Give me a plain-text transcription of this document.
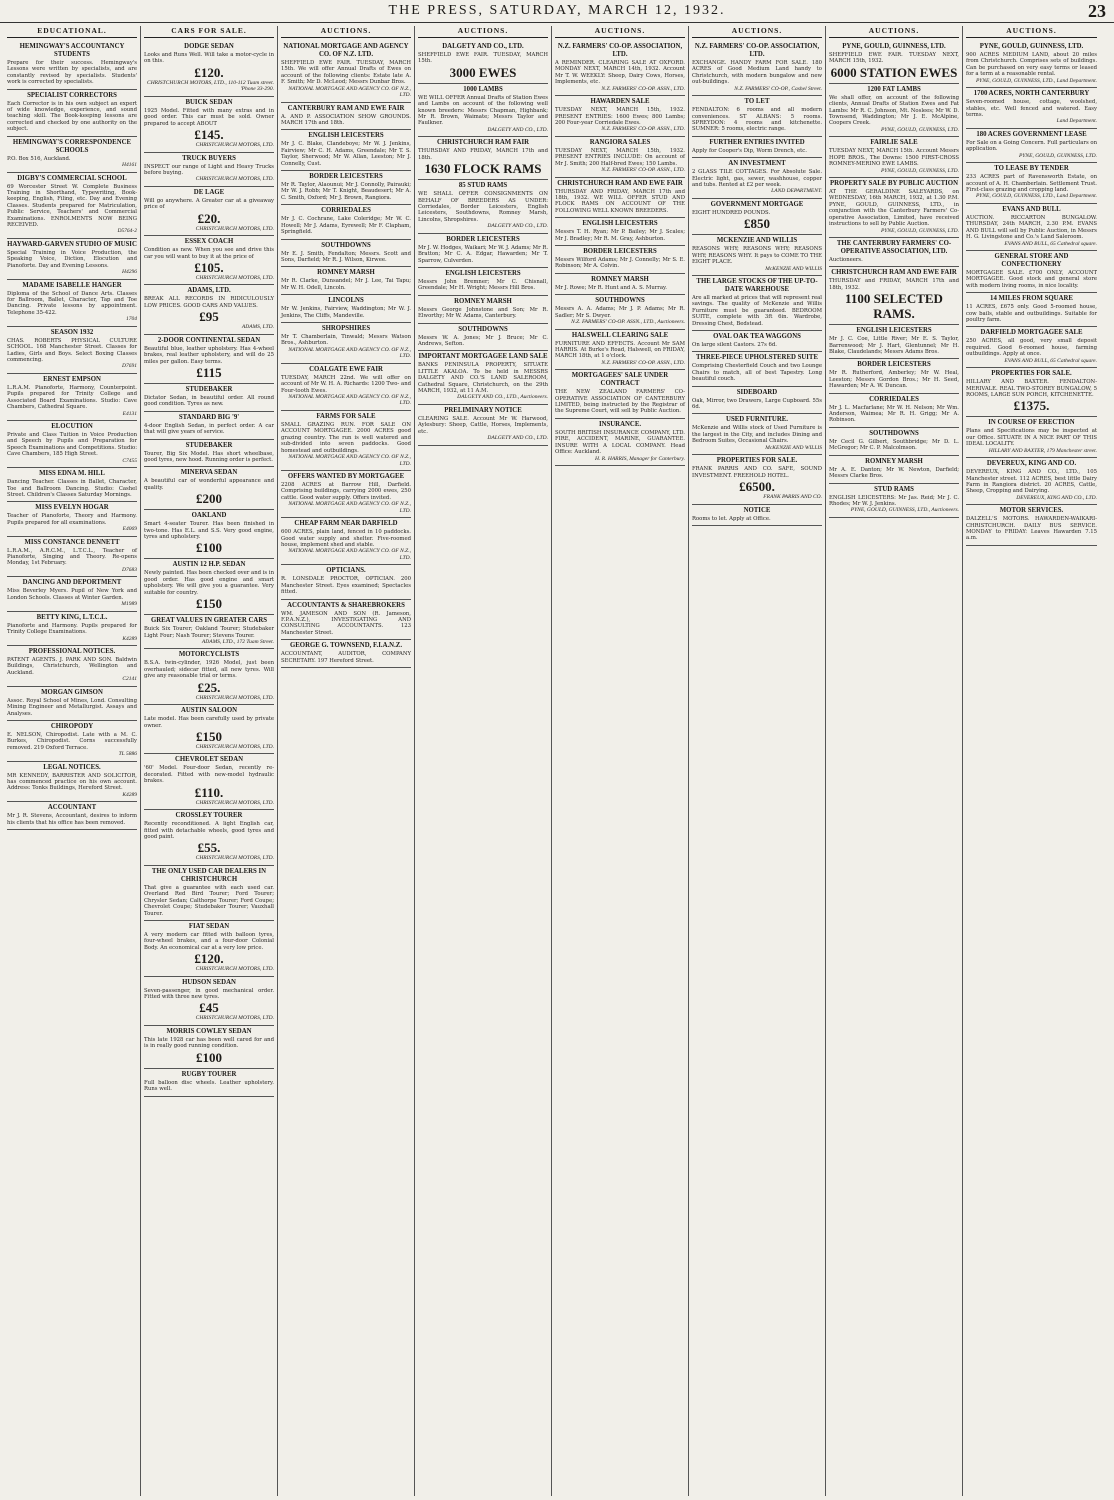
THE PRESS, SATURDAY, MARCH 12, 1932.	23
EDUCATIONAL.
HEMINGWAY'S ACCOUNTANCY STUDENTS
Prepare for their success. Hemingway's Lessons were written by specialists, and are constantly revised by specialists. Students' work is corrected by specialists.
SPECIALIST CORRECTORS
Each Corrector is in his own subject an expert of wide knowledge, experience, and sound teaching skill. The Book-keeping lessons are corrected and checked by one authority on the subject.
HEMINGWAY'S CORRESPONDENCE SCHOOLS
P.O. Box 516, Auckland.
H4161
DIGBY'S COMMERCIAL SCHOOL
69 Worcester Street W. Complete Business Training in Shorthand, Typewriting, Book-keeping, English, Filing, etc. Day and Evening Classes. Students prepared for Matriculation, Public Service, Teachers' and Commercial Examinations. ENROLMENTS NOW BEING RECEIVED.
D5764-2
HAYWARD-GARVEN STUDIO OF MUSIC
Special Training in Voice Production, the Speaking Voice, Diction, Elocution and Pianoforte. Day and Evening Lessons.
H4296
MADAME ISABELLE HANGER
Diploma of the School of Dance Arts. Classes for Ballroom, Ballet, Character, Tap and Toe Dancing. Private lessons by appointment. Telephone 35-422.
1704
SEASON 1932
CHAS. ROBERTS PHYSICAL CULTURE SCHOOL. 168 Manchester Street. Classes for Ladies, Girls and Boys. Select Boxing Classes commencing.
D7691
ERNEST EMPSON
L.R.A.M. Pianoforte, Harmony, Counterpoint. Pupils prepared for Trinity College and Associated Board Examinations. Studio: Cave Chambers, Cathedral Square.
E4131
ELOCUTION
Private and Class Tuition in Voice Production and Speech by Pupils and Preparation for Speech Examinations and Competitions. Studio: Cave Chambers, 185 High Street.
C7455
MISS EDNA M. HILL
Dancing Teacher. Classes in Ballet, Character, Toe and Ballroom Dancing. Studio: Cashel Street. Children's Classes Saturday Mornings.
MISS EVELYN HOGAR
Teacher of Pianoforte, Theory and Harmony. Pupils prepared for all examinations.
E4069
MISS CONSTANCE DENNETT
L.R.A.M., A.R.C.M., L.T.C.L., Teacher of Pianoforte, Singing and Theory. Re-opens Monday, 1st February.
D7683
DANCING AND DEPORTMENT
Miss Beverley Myers. Pupil of New York and London Schools. Classes at Winter Garden.
M1989
BETTY KING, L.T.C.L.
Pianoforte and Harmony. Pupils prepared for Trinity College Examinations.
K4289
PROFESSIONAL NOTICES.
PATENT AGENTS. J. PARK AND SON. Baldwin Buildings, Christchurch, Wellington and Auckland.
C2141
MORGAN GIMSON
Assoc. Royal School of Mines, Lond. Consulting Mining Engineer and Metallurgist. Assays and Analyses.
CHIROPODY
E. NELSON, Chiropodist. Late with a M. C. Burkes, Chiropodist. Corns successfully removed. 219 Oxford Terrace.
TL 5886
LEGAL NOTICES.
MR KENNEDY, BARRISTER AND SOLICITOR, has commenced practice on his own account. Address: Tonks Buildings, Hereford Street.
K4289
ACCOUNTANT
Mr J. R. Stevens, Accountant, desires to inform his clients that his office has been removed.
CARS FOR SALE.
DODGE SEDAN
Looks and Runs Well. Will take a motor-cycle in on this.
£120.
CHRISTCHURCH MOTORS, LTD., 110-112 Tuam street. 'Phone 33-290.
BUICK SEDAN
1925 Model. Fitted with many extras and in good order. This car must be sold. Owner prepared to accept ABOUT
£145.
CHRISTCHURCH MOTORS, LTD.
TRUCK BUYERS
INSPECT our range of Light and Heavy Trucks before buying.
CHRISTCHURCH MOTORS, LTD.
DE LAGE
Will go anywhere. A Greater car at a giveaway price of
£20.
CHRISTCHURCH MOTORS, LTD.
ESSEX COACH
Condition as new. When you see and drive this car you will want to buy it at the price of
£105.
CHRISTCHURCH MOTORS, LTD.
ADAMS, LTD.
BREAK ALL RECORDS IN RIDICULOUSLY LOW PRICES. GOOD CARS AND VALUES.
£95
ADAMS, LTD.
2-DOOR CONTINENTAL SEDAN
Beautiful blue, leather upholstery. Has 4-wheel brakes, real leather upholstery, and will do 25 miles per gallon. Easy terms.
£115
STUDEBAKER
Dictator Sedan, in beautiful order. All round good condition. Tyres as new.
STANDARD BIG '9'
4-door English Sedan, in perfect order. A car that will give years of service.
STUDEBAKER
Tourer, Big Six Model. Has short wheelbase, good tyres, new hood. Running order is perfect.
MINERVA SEDAN
A beautiful car of wonderful appearance and quality.
£200
OAKLAND
Smart 4-seater Tourer. Has been finished in two-tone. Has E.L. and S.S. Very good engine, tyres and upholstery.
£100
AUSTIN 12 H.P. SEDAN
Newly painted. Has been checked over and is in good order. Has good engine and smart upholstery. We will give you a guarantee. Very suitable for country.
£150
GREAT VALUES IN GREATER CARS
Buick Six Tourer; Oakland Tourer; Studebaker Light Four; Nash Tourer; Stevens Tourer.
ADAMS, LTD., 172 Tuam Street.
MOTORCYCLISTS
B.S.A. twin-cylinder, 1926 Model, just been overhauled; sidecar fitted, all new tyres. Will give any reasonable trial or terms.
£25.
CHRISTCHURCH MOTORS, LTD.
AUSTIN SALOON
Late model. Has been carefully used by private owner.
£150
CHRISTCHURCH MOTORS, LTD.
CHEVROLET SEDAN
'60' Model. Four-door Sedan, recently re-decorated. Fitted with new-model hydraulic brakes.
£110.
CHRISTCHURCH MOTORS, LTD.
CROSSLEY TOURER
Recently reconditioned. A light English car, fitted with detachable wheels, good tyres and good paint.
£55.
CHRISTCHURCH MOTORS, LTD.
THE ONLY USED CAR DEALERS IN CHRISTCHURCH
That give a guarantee with each used car. Overland Red Bird Tourer; Ford Tourer; Chrysler Sedan; Calthorpe Tourer; Ford Coupe; Chevrolet Coupe; Studebaker Tourer; Vauxhall Tourer.
FIAT SEDAN
A very modern car fitted with balloon tyres, four-wheel brakes, and a four-door Colonial Body. An economical car at a very low price.
£120.
CHRISTCHURCH MOTORS, LTD.
HUDSON SEDAN
Seven-passenger, in good mechanical order. Fitted with three new tyres.
£45
CHRISTCHURCH MOTORS, LTD.
MORRIS COWLEY SEDAN
This late 1928 car has been well cared for and is in really good running condition.
£100
RUGBY TOURER
Full balloon disc wheels. Leather upholstery. Runs well.
AUCTIONS.
NATIONAL MORTGAGE AND AGENCY CO. OF N.Z. LTD.
SHEFFIELD EWE FAIR. TUESDAY, MARCH 15th. We will offer Annual Drafts of Ewes on account of the following clients: Estate late A. F. Smith; Mr D. McLeod; Messrs Dunbar Bros.
NATIONAL MORTGAGE AND AGENCY CO. OF N.Z., LTD.
CANTERBURY RAM AND EWE FAIR
A. AND P. ASSOCIATION SHOW GROUNDS. MARCH 17th and 18th.
ENGLISH LEICESTERS
Mr J. C. Blake, Clandeboye; Mr W. J. Jenkins, Fairview; Mr C. H. Adams, Greendale; Mr T. S. Taylor, Sherwood; Mr W. Allan, Leeston; Mr J. Connelly, Cust.
BORDER LEICESTERS
Mr R. Taylor, Alaounui; Mr J. Connolly, Pairauki; Mr W. J. Robb; Mr T. Knight, Beaudesert; Mr A. C. Smith, Oxford; Mr J. Brown, Rangiora.
CORRIEDALES
Mr J. C. Cochrane, Lake Coleridge; Mr W. C. Howell; Mr J. Adams, Eyrewell; Mr F. Clapham, Springfield.
SOUTHDOWNS
Mr E. J. Smith, Fendalton; Messrs. Scott and Sons, Darfield; Mr R. J. Wilson, Kirwee.
ROMNEY MARSH
Mr R. Clarke, Dunsandel; Mr J. Lee, Tai Tapu; Mr W. H. Odell, Lincoln.
LINCOLNS
Mr W. Jenkins, Fairview, Waddington; Mr W. J. Jenkins, The Cliffs, Mandeville.
SHROPSHIRES
Mr T. Chamberlain, Tinwald; Messrs Watson Bros., Ashburton.
NATIONAL MORTGAGE AND AGENCY CO. OF N.Z., LTD.
COALGATE EWE FAIR
TUESDAY, MARCH 22nd. We will offer on account of Mr W. H. A. Richards: 1200 Two- and Four-tooth Ewes.
NATIONAL MORTGAGE AND AGENCY CO. OF N.Z., LTD.
FARMS FOR SALE
SMALL GRAZING RUN. FOR SALE ON ACCOUNT MORTGAGEE. 2000 ACRES good grazing country. The run is well watered and sub-divided into seven paddocks. Good homestead and outbuildings.
NATIONAL MORTGAGE AND AGENCY CO. OF N.Z., LTD.
OFFERS WANTED BY MORTGAGEE
2208 ACRES at Barrow Hill, Darfield. Comprising buildings, carrying 2000 ewes, 250 cattle. Good water supply. Offers invited.
NATIONAL MORTGAGE AND AGENCY CO. OF N.Z., LTD.
CHEAP FARM NEAR DARFIELD
600 ACRES, plain land, fenced in 10 paddocks. Good water supply and shelter. Five-roomed house, implement shed and stable.
NATIONAL MORTGAGE AND AGENCY CO. OF N.Z., LTD.
OPTICIANS.
R. LONSDALE PROCTOR, OPTICIAN. 200 Manchester Street. Eyes examined; Spectacles fitted.
ACCOUNTANTS & SHAREBROKERS
WM. JAMESON AND SON (R. Jameson, F.P.A.N.Z.), INVESTIGATING AND CONSULTING ACCOUNTANTS. 123 Manchester Street.
GEORGE G. TOWNSEND, F.I.A.N.Z.
ACCOUNTANT, AUDITOR, COMPANY SECRETARY. 197 Hereford Street.
AUCTIONS.
DALGETY AND CO., LTD.
SHEFFIELD EWE FAIR. TUESDAY, MARCH 15th.
3000 EWES
1000 LAMBS
WE WILL OFFER Annual Drafts of Station Ewes and Lambs on account of the following well known breeders: Messrs Chapman, Highbank; Mr R. Brown, Waimate; Messrs Taylor and Faulkner.
DALGETY AND CO., LTD.
CHRISTCHURCH RAM FAIR
THURSDAY AND FRIDAY, MARCH 17th and 18th.
1630 FLOCK RAMS
85 STUD RAMS
WE SHALL OFFER CONSIGNMENTS ON BEHALF OF BREEDERS AS UNDER: Corriedales, Border Leicesters, English Leicesters, Southdowns, Romney Marsh, Lincolns, Shropshires.
DALGETY AND CO., LTD.
BORDER LEICESTERS
Mr J. W. Hodges, Waikari; Mr W. J. Adams; Mr R. Bratton; Mr C. A. Edgar, Hawarden; Mr T. Sparrow, Culverden.
ENGLISH LEICESTERS
Messrs John Bremner; Mr C. Chisnall, Greendale; Mr H. Wright; Messrs Hill Bros.
ROMNEY MARSH
Messrs George Johnstone and Son; Mr R. Elworthy; Mr W. Adams, Canterbury.
SOUTHDOWNS
Messrs W. A. Jones; Mr J. Bruce; Mr C. Andrews, Sefton.
IMPORTANT MORTGAGEE LAND SALE
BANKS PENINSULA PROPERTY, SITUATE LITTLE AKALOA. To be held in MESSRS DALGETY AND CO.'S LAND SALEROOM, Cathedral Square, Christchurch, on the 29th MARCH, 1932, at 11 A.M.
DALGETY AND CO., LTD., Auctioneers.
PRELIMINARY NOTICE
CLEARING SALE. Account Mr W. Harwood, Aylesbury: Sheep, Cattle, Horses, Implements, etc.
DALGETY AND CO., LTD.
AUCTIONS.
N.Z. FARMERS' CO-OP. ASSOCIATION, LTD.
A REMINDER. CLEARING SALE AT OXFORD. MONDAY NEXT, MARCH 14th, 1932. Account Mr T. W. WEEKLY: Sheep, Dairy Cows, Horses, Implements, etc.
N.Z. FARMERS' CO-OP. ASSN., LTD.
HAWARDEN SALE
TUESDAY NEXT, MARCH 15th, 1932. PRESENT ENTRIES: 1600 Ewes; 800 Lambs; 200 Four-year Corriedale Ewes.
N.Z. FARMERS' CO-OP. ASSN., LTD.
RANGIORA SALES
TUESDAY NEXT, MARCH 15th, 1932. PRESENT ENTRIES INCLUDE: On account of Mr J. Smith; 200 Half-bred Ewes; 150 Lambs.
N.Z. FARMERS' CO-OP. ASSN., LTD.
CHRISTCHURCH RAM AND EWE FAIR
THURSDAY AND FRIDAY, MARCH 17th and 18th, 1932. WE WILL OFFER STUD AND FLOCK RAMS ON ACCOUNT OF THE FOLLOWING WELL KNOWN BREEDERS.
ENGLISH LEICESTERS
Messrs T. H. Ryan; Mr P. Bailey; Mr J. Scales; Mr J. Bradley; Mr R. M. Gray, Ashburton.
BORDER LEICESTERS
Messrs Wilford Adams; Mr J. Connelly; Mr S. E. Robinson; Mr A. Colvin.
ROMNEY MARSH
Mr J. Rowe; Mr R. Hunt and A. S. Murray.
SOUTHDOWNS
Messrs A. A. Adams; Mr J. P. Adams; Mr R. Sadler; Mr S. Dwyer.
N.Z. FARMERS' CO-OP. ASSN., LTD., Auctioneers.
HALSWELL CLEARING SALE
FURNITURE AND EFFECTS. Account Mr SAM HARRIS. At Burke's Road, Halswell, on FRIDAY, MARCH 18th, at 1 o'clock.
N.Z. FARMERS' CO-OP. ASSN., LTD.
MORTGAGEES' SALE UNDER CONTRACT
THE NEW ZEALAND FARMERS' CO-OPERATIVE ASSOCIATION OF CANTERBURY LIMITED, being instructed by the Registrar of the Supreme Court, will sell by Public Auction.
INSURANCE.
SOUTH BRITISH INSURANCE COMPANY, LTD. FIRE, ACCIDENT, MARINE, GUARANTEE. INSURE WITH A LOCAL COMPANY. Head Office: Auckland.
H. R. HARRIS, Manager for Canterbury.
AUCTIONS.
N.Z. FARMERS' CO-OP. ASSOCIATION, LTD.
EXCHANGE. HANDY FARM FOR SALE. 180 ACRES of Good Medium Land handy to Christchurch, with modern bungalow and new out-buildings.
N.Z. FARMERS' CO-OP., Cashel Street.
TO LET
FENDALTON: 6 rooms and all modern conveniences. ST ALBANS: 5 rooms. SPREYDON: 4 rooms and kitchenette. SUMNER: 5 rooms, electric range.
FURTHER ENTRIES INVITED
Apply for Cooper's Dip, Worm Drench, etc.
AN INVESTMENT
2 GLASS TILE COTTAGES. For Absolute Sale. Electric light, gas, sewer, washhouse, copper and tubs. Rented at £2 per week.
LAND DEPARTMENT.
GOVERNMENT MORTGAGE
EIGHT HUNDRED POUNDS.
£850
MCKENZIE AND WILLIS
REASONS WHY; REASONS WHY; REASONS WHY; REASONS WHY. It pays to COME TO THE EIGHT PLACE.
McKENZIE AND WILLIS
THE LARGE STOCKS OF THE UP-TO-DATE WAREHOUSE
Are all marked at prices that will represent real savings. The quality of McKenzie and Willis Furniture must be guaranteed. BEDROOM SUITE, complete with 3ft 6in. Wardrobe, Dressing Chest, Bedstead.
OVAL OAK TEA WAGGONS
On large silent Castors. 27s 6d.
THREE-PIECE UPHOLSTERED SUITE
Comprising Chesterfield Couch and two Lounge Chairs to match, all of best Tapestry. Long beautiful couch.
SIDEBOARD
Oak, Mirror, two Drawers, Large Cupboard. 55s 6d.
USED FURNITURE.
McKenzie and Willis stock of Used Furniture is the largest in the City, and includes Dining and Bedroom Suites, Occasional Chairs.
McKENZIE AND WILLIS
PROPERTIES FOR SALE.
FRANK PARRIS AND CO. SAFE, SOUND INVESTMENT. FREEHOLD HOTEL.
£6500.
FRANK PARRIS AND CO.
NOTICE
Rooms to let. Apply at Office.
AUCTIONS.
PYNE, GOULD, GUINNESS, LTD.
SHEFFIELD EWE FAIR. TUESDAY NEXT, MARCH 15th, 1932.
6000 STATION EWES
1200 FAT LAMBS
We shall offer, on account of the following clients, Annual Drafts of Station Ewes and Fat Lambs: Mr R. C. Johnson, Mt. Noslees; Mr W. D. Townsend, Waddington; Mr J. E. McAlpine, Coopers Creek.
PYNE, GOULD, GUINNESS, LTD.
FAIRLIE SALE
TUESDAY NEXT, MARCH 15th. Account Messrs HOPE BROS., The Downs: 1500 FIRST-CROSS ROMNEY-MERINO EWE LAMBS.
PYNE, GOULD, GUINNESS, LTD.
PROPERTY SALE BY PUBLIC AUCTION
AT THE GERALDINE SALEYARDS, on WEDNESDAY, 16th MARCH, 1932, at 1.30 P.M. PYNE, GOULD, GUINNESS, LTD., in conjunction with the Canterbury Farmers' Co-operative Association, Limited, have received instructions to sell by Public Auction.
PYNE, GOULD, GUINNESS, LTD.
THE CANTERBURY FARMERS' CO-OPERATIVE ASSOCIATION, LTD.
Auctioneers.
CHRISTCHURCH RAM AND EWE FAIR
THURSDAY and FRIDAY, MARCH 17th and 18th, 1932.
1100 SELECTED RAMS.
ENGLISH LEICESTERS
Mr J. C. Coe, Little River; Mr E. S. Taylor, Barrenwood; Mr J. Hart, Glentunnel; Mr H. Blake, Claudelands; Messrs Adams Bros.
BORDER LEICESTERS
Mr R. Rutherford, Amberley; Mr W. Heal, Leeston; Messrs Gordon Bros.; Mr H. Seed, Hawarden; Mr A. W. Duncan.
CORRIEDALES
Mr J. L. Macfarlane; Mr W. H. Nelson; Mr Wm. Anderson, Waimea; Mr R. H. Grigg; Mr A. Robinson.
SOUTHDOWNS
Mr Cecil G. Gilbert, Southbridge; Mr D. L. McGregor; Mr C. P. Malcolmson.
ROMNEY MARSH
Mr A. E. Danton; Mr W. Newton, Darfield; Messrs Clarke Bros.
STUD RAMS
ENGLISH LEICESTERS: Mr Jas. Reid; Mr J. C. Rhodes; Mr W. J. Jenkins.
PYNE, GOULD, GUINNESS, LTD., Auctioneers.
AUCTIONS.
PYNE, GOULD, GUINNESS, LTD.
900 ACRES MEDIUM LAND, about 20 miles from Christchurch. Comprises sets of buildings. Can be purchased on very easy terms or leased for a term at a reasonable rental.
PYNE, GOULD, GUINNESS, LTD., Land Department.
1700 ACRES, NORTH CANTERBURY
Seven-roomed house, cottage, woolshed, stables, etc. Well fenced and watered. Easy terms.
Land Department.
180 ACRES GOVERNMENT LEASE
For Sale on a Going Concern. Full particulars on application.
PYNE, GOULD, GUINNESS, LTD.
TO LEASE BY TENDER
233 ACRES part of Ravensworth Estate, on account of A. H. Chamberlain. Settlement Trust. First-class grazing and cropping land.
PYNE, GOULD, GUINNESS, LTD., Land Department.
EVANS AND BULL
AUCTION. RICCARTON BUNGALOW. THURSDAY, 24th MARCH, 2.30 P.M. EVANS AND BULL will sell by Public Auction, in Messrs H. G. Livingstone and Co.'s Land Saleroom.
EVANS AND BULL, 65 Cathedral square.
GENERAL STORE AND CONFECTIONERY
MORTGAGEE SALE. £700 ONLY, ACCOUNT MORTGAGEE. Good stock and general store with modern living rooms, in nice locality.
14 MILES FROM SQUARE
11 ACRES, £675 only. Good 5-roomed house, cow bails, stable and outbuildings. Suitable for poultry farm.
DARFIELD MORTGAGEE SALE
250 ACRES, all good, very small deposit required. Good 6-roomed house, farming outbuildings. Apply at once.
EVANS AND BULL, 65 Cathedral square.
PROPERTIES FOR SALE.
HILLARY AND BAXTER. FENDALTON-MERIVALE. REAL TWO-STOREY BUNGALOW, 5 ROOMS, LARGE SUN PORCH, KITCHENETTE.
£1375.
IN COURSE OF ERECTION
Plans and Specifications may be inspected at our Office. SITUATE IN A NICE PART OF THIS IDEAL LOCALITY.
HILLARY AND BAXTER, 179 Manchester street.
DEVEREUX, KING AND CO.
DEVEREUX, KING AND CO., LTD., 105 Manchester street. 112 ACRES, best little Dairy Farm in Rangiora district. 20 ACRES, Cattle, Sheep, Cropping and Dairying.
DEVEREUX, KING AND CO., LTD.
MOTOR SERVICES.
DALZELL'S MOTORS. HAWARDEN-WAIKARI-CHRISTCHURCH. DAILY BUS SERVICE. MONDAY to FRIDAY: Leaves Hawarden 7.15 a.m.
